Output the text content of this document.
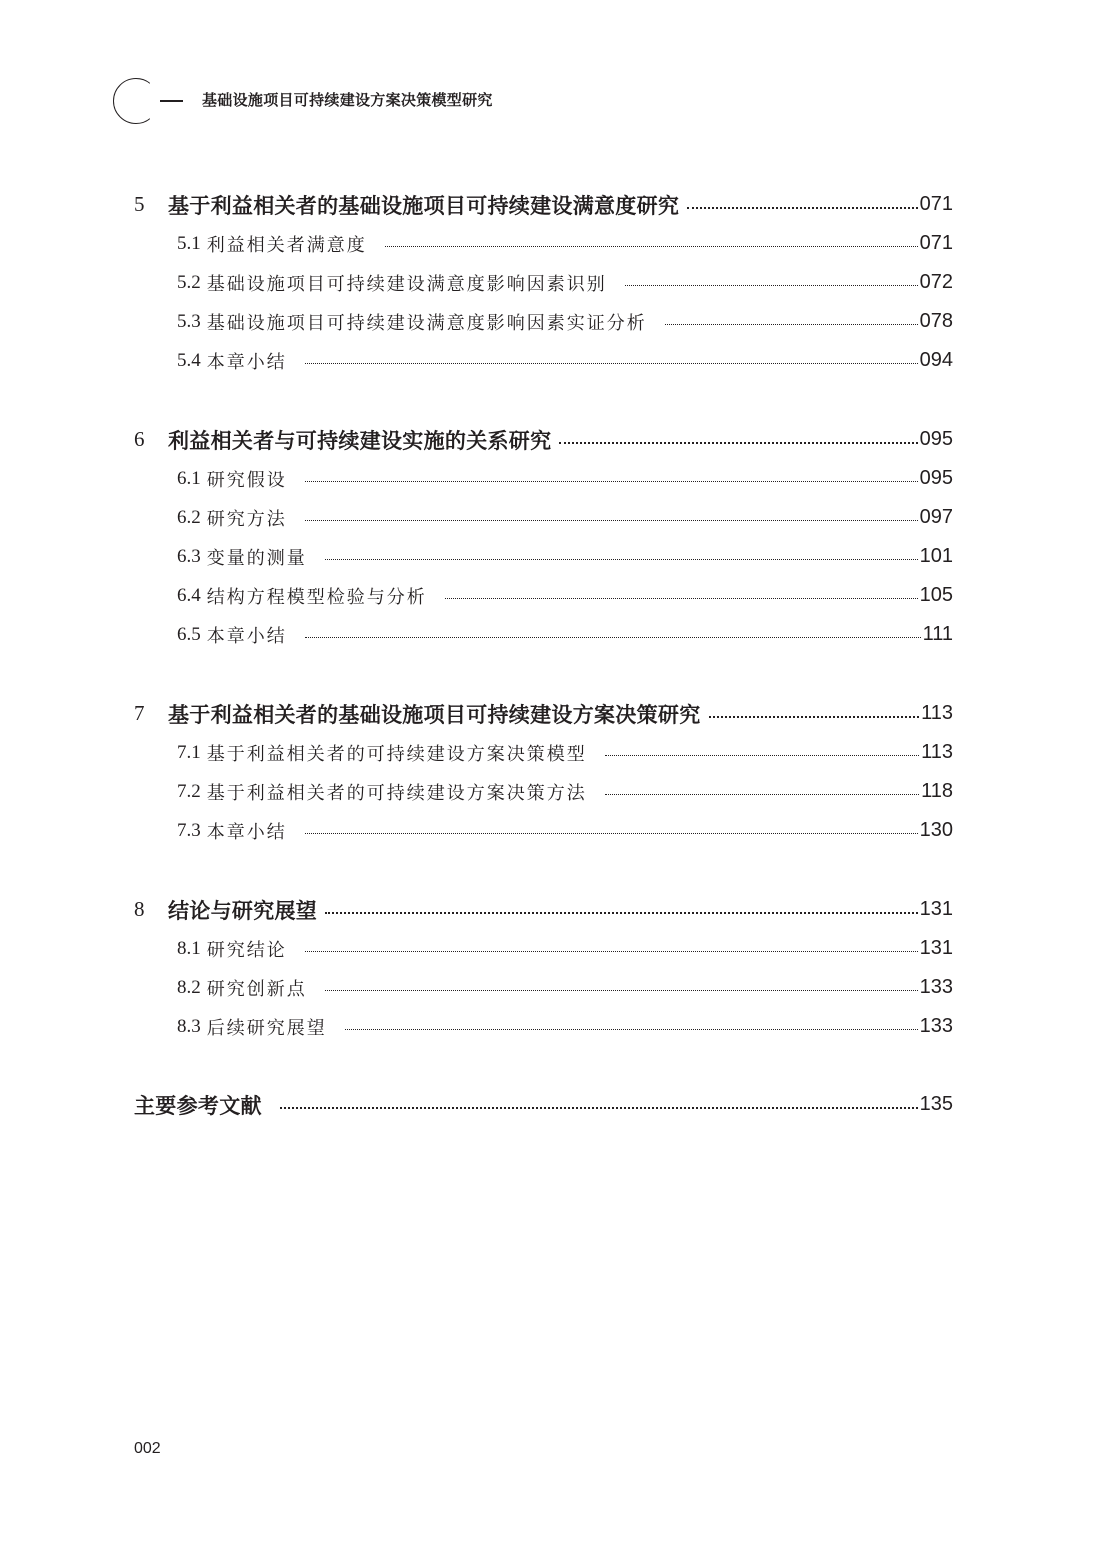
基础设施项目可持续建设方案决策模型研究
5	基于利益相关者的基础设施项目可持续建设满意度研究	071
5.1 利益相关者满意度	071
5.2 基础设施项目可持续建设满意度影响因素识别	072
5.3 基础设施项目可持续建设满意度影响因素实证分析	078
5.4 本章小结	094
6	利益相关者与可持续建设实施的关系研究	095
6.1 研究假设	095
6.2 研究方法	097
6.3 变量的测量	101
6.4 结构方程模型检验与分析	105
6.5 本章小结	111
7	基于利益相关者的基础设施项目可持续建设方案决策研究	113
7.1 基于利益相关者的可持续建设方案决策模型	113
7.2 基于利益相关者的可持续建设方案决策方法	118
7.3 本章小结	130
8	结论与研究展望	131
8.1 研究结论	131
8.2 研究创新点	133
8.3 后续研究展望	133
主要参考文献	135
002
